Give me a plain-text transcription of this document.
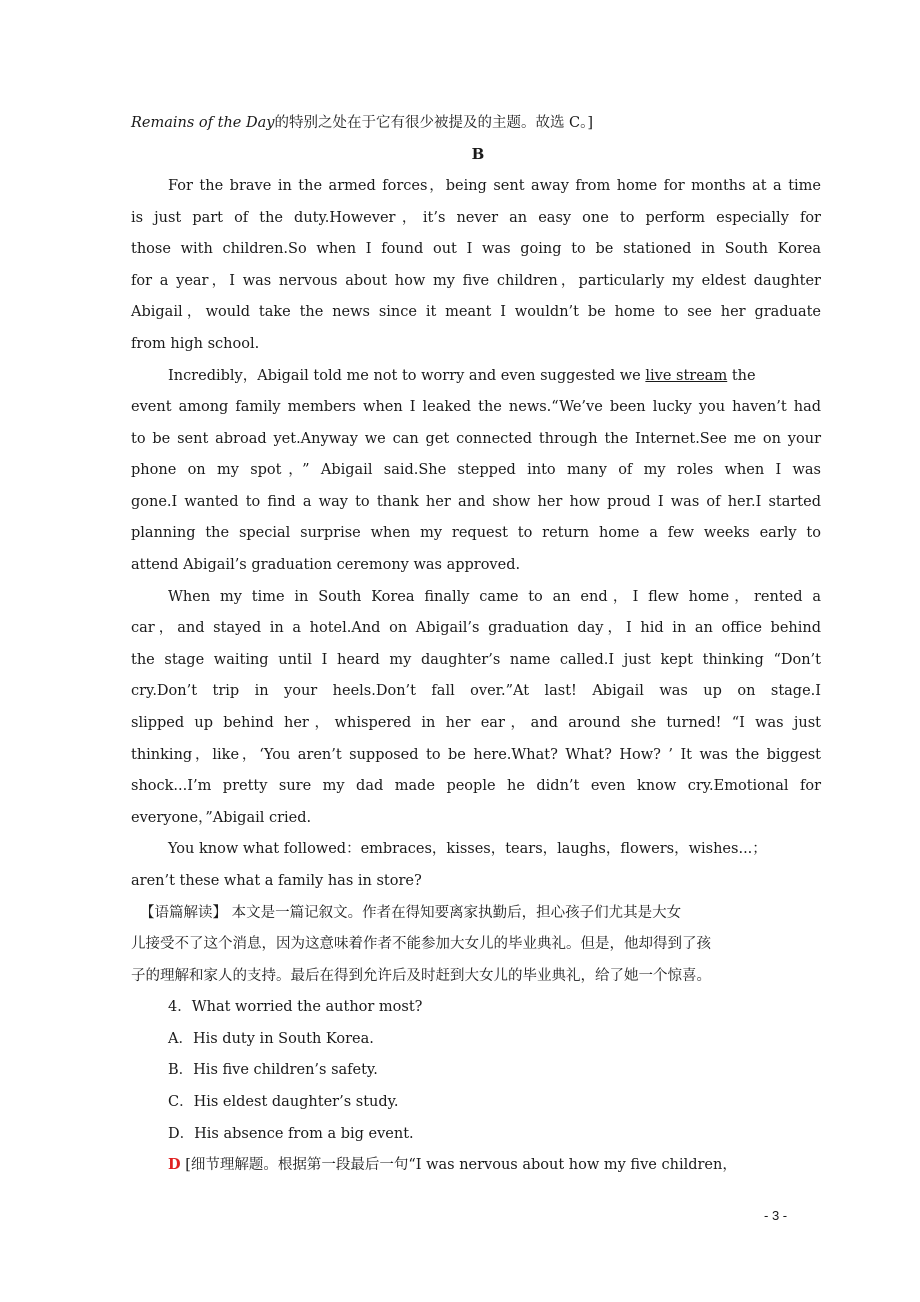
Remains of the Day的特别之处在于它有很少被提及的主题。故选 C。]
B
For the brave in the armed forces，being sent away from home for months at a time
is just part of the duty.However，it’s never an easy one to perform especially for
those with children.So when I found out I was going to be stationed in South Korea
for a year，I was nervous about how my five children，particularly my eldest daughter
Abigail，would take the news since it meant I wouldn’t be home to see her graduate
from high school.
Incredibly，Abigail told me not to worry and even suggested we live stream the
event among family members when I leaked the news.“We’ve been lucky you haven’t had
to be sent abroad yet.Anyway we can get connected through the Internet.See me on your
phone on my spot，” Abigail said.She stepped into many of my roles when I was
gone.I wanted to find a way to thank her and show her how proud I was of her.I started
planning the special surprise when my request to return home a few weeks early to
attend Abigail’s graduation ceremony was approved.
When my time in South Korea finally came to an end，I flew home，rented a
car，and stayed in a hotel.And on Abigail’s graduation day，I hid in an office behind
the stage waiting until I heard my daughter’s name called.I just kept thinking “Don’t
cry.Don’t trip in your heels.Don’t fall over.”At last! Abigail was up on stage.I
slipped up behind her，whispered in her ear，and around she turned! “I was just
thinking，like，‘You aren’t supposed to be here.What? What? How? ’ It was the biggest
shock...I’m pretty sure my dad made people he didn’t even know cry.Emotional for
everyone，”Abigail cried.
You know what followed：embraces，kisses，tears，laughs，flowers，wishes...；
aren’t these what a family has in store?
【语篇解读】 本文是一篇记叙文。作者在得知要离家执勤后，担心孩子们尤其是大女
儿接受不了这个消息，因为这意味着作者不能参加大女儿的毕业典礼。但是，他却得到了孩
子的理解和家人的支持。最后在得到允许后及时赶到大女儿的毕业典礼，给了她一个惊喜。
4．What worried the author most?
A．His duty in South Korea.
B．His five children’s safety.
C．His eldest daughter’s study.
D．His absence from a big event.
D [细节理解题。根据第一段最后一句“I was nervous about how my five children，
- 3 -
